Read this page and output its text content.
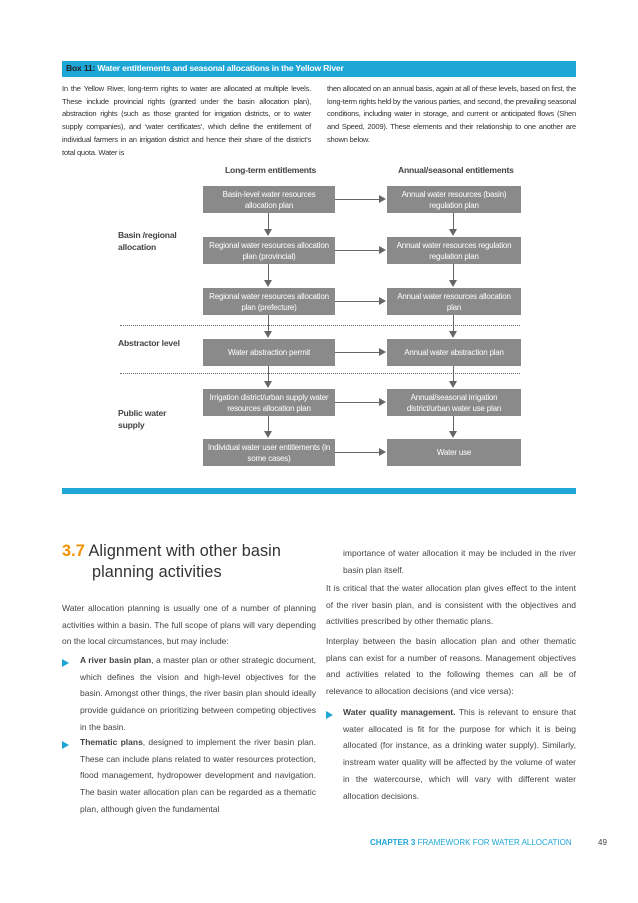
Box 11: Water entitlements and seasonal allocations in the Yellow River
In the Yellow River, long-term rights to water are allocated at multiple levels. These include provincial rights (granted under the basin allocation plan), abstraction rights (such as those granted for irrigation districts, or to water supply companies), and ‘water certificates’, which define the entitlement of individual farmers in an irrigation district and hence their share of the district’s total quota. Water is
then allocated on an annual basis, again at all of these levels, based on first, the long-term rights held by the various parties, and second, the prevailing seasonal conditions, including water in storage, and current or anticipated flows (Shen and Speed, 2009). These elements and their relationship to one another are shown below.
Long-term entitlements	Annual/seasonal entitlements
Basin /regional allocation
Abstractor level
Public water supply
Basin-level water resources allocation plan
Regional water resources allocation plan (provincial)
Regional water resources allocation plan (prefecture)
Water abstraction permit
Irrigation district/urban supply water resources allocation plan
Individual water user entitlements (in some cases)
Annual water resources (basin) regulation plan
Annual water resources regulation regulation plan
Annual water resources allocation plan
Annual water abstraction plan
Annual/seasonal irrigation district/urban water use plan
Water use
3.7 Alignment with other basin
planning activities
Water allocation planning is usually one of a number of planning activities within a basin. The full scope of plans will vary depending on the local circumstances, but may include:
A river basin plan, a master plan or other strategic document, which defines the vision and high-level objectives for the basin. Amongst other things, the river basin plan should ideally provide guidance on prioritizing between competing objectives in the basin.
Thematic plans, designed to implement the river basin plan. These can include plans related to water resources protection, flood management, hydropower development and navigation. The basin water allocation plan can be regarded as a thematic plan, although given the fundamental
importance of water allocation it may be included in the river basin plan itself.
It is critical that the water allocation plan gives effect to the intent of the river basin plan, and is consistent with the objectives and activities prescribed by other thematic plans.
Interplay between the basin allocation plan and other thematic plans can exist for a number of reasons. Management objectives and activities related to the following themes can all be of relevance to allocation decisions (and vice versa):
Water quality management. This is relevant to ensure that water allocated is fit for the purpose for which it is being allocated (for instance, as a drinking water supply). Similarly, instream water quality will be affected by the volume of water in the watercourse, which will vary with different water allocation decisions.
CHAPTER 3 FRAMEWORK FOR WATER ALLOCATION	49
